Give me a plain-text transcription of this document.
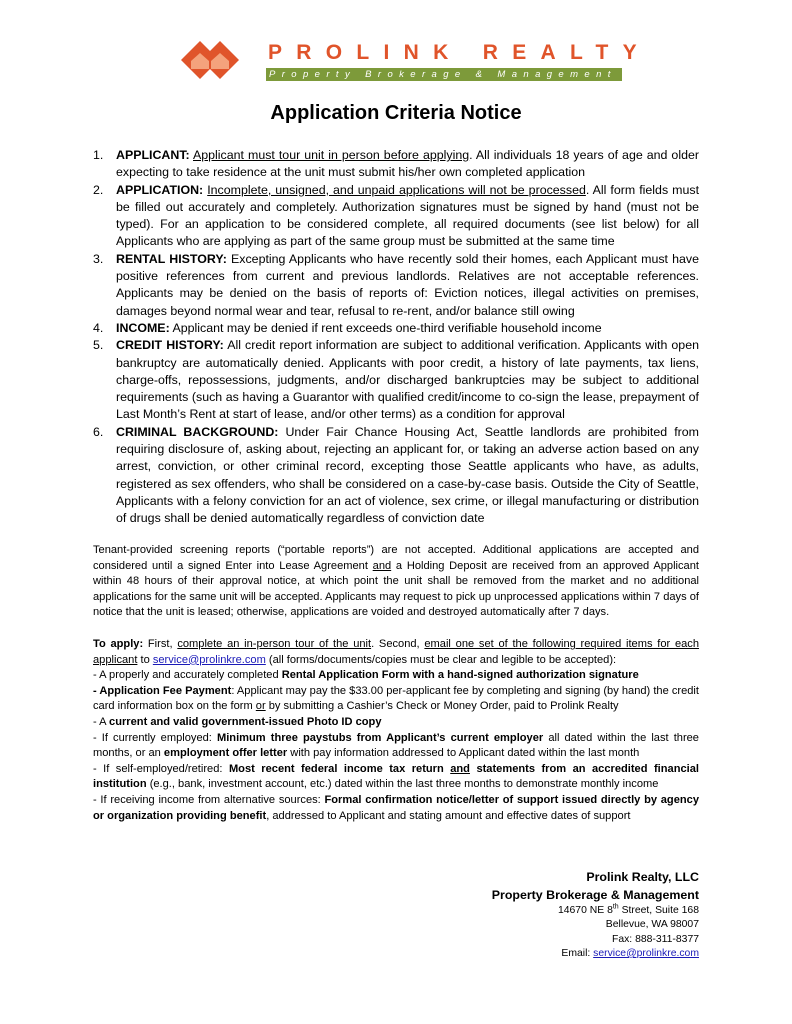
PROLINK REALTY
Property Brokerage & Management
Application Criteria Notice
1. APPLICANT: Applicant must tour unit in person before applying. All individuals 18 years of age and older expecting to take residence at the unit must submit his/her own completed application
2. APPLICATION: Incomplete, unsigned, and unpaid applications will not be processed. All form fields must be filled out accurately and completely. Authorization signatures must be signed by hand (must not be typed). For an application to be considered complete, all required documents (see list below) for all Applicants who are applying as part of the same group must be submitted at the same time
3. RENTAL HISTORY: Excepting Applicants who have recently sold their homes, each Applicant must have positive references from current and previous landlords. Relatives are not acceptable references. Applicants may be denied on the basis of reports of: Eviction notices, illegal activities on premises, damages beyond normal wear and tear, refusal to re-rent, and/or balance still owing
4. INCOME: Applicant may be denied if rent exceeds one-third verifiable household income
5. CREDIT HISTORY: All credit report information are subject to additional verification. Applicants with open bankruptcy are automatically denied. Applicants with poor credit, a history of late payments, tax liens, charge-offs, repossessions, judgments, and/or discharged bankruptcies may be subject to additional requirements (such as having a Guarantor with qualified credit/income to co-sign the lease, prepayment of Last Month’s Rent at start of lease, and/or other terms) as a condition for approval
6. CRIMINAL BACKGROUND: Under Fair Chance Housing Act, Seattle landlords are prohibited from requiring disclosure of, asking about, rejecting an applicant for, or taking an adverse action based on any arrest, conviction, or other criminal record, excepting those Seattle applicants who have, as adults, registered as sex offenders, who shall be considered on a case-by-case basis. Outside the City of Seattle, Applicants with a felony conviction for an act of violence, sex crime, or illegal manufacturing or distribution of drugs shall be denied automatically regardless of conviction date

Tenant-provided screening reports (“portable reports”) are not accepted. Additional applications are accepted and considered until a signed Enter into Lease Agreement and a Holding Deposit are received from an approved Applicant within 48 hours of their approval notice, at which point the unit shall be removed from the market and no additional applications for the same unit will be accepted. Applicants may request to pick up unprocessed applications within 7 days of notice that the unit is leased; otherwise, applications are voided and destroyed automatically after 7 days.

To apply: First, complete an in-person tour of the unit. Second, email one set of the following required items for each applicant to service@prolinkre.com (all forms/documents/copies must be clear and legible to be accepted):
- A properly and accurately completed Rental Application Form with a hand-signed authorization signature
- Application Fee Payment: Applicant may pay the $33.00 per-applicant fee by completing and signing (by hand) the credit card information box on the form or by submitting a Cashier’s Check or Money Order, paid to Prolink Realty
- A current and valid government-issued Photo ID copy
- If currently employed: Minimum three paystubs from Applicant’s current employer all dated within the last three months, or an employment offer letter with pay information addressed to Applicant dated within the last month
- If self-employed/retired: Most recent federal income tax return and statements from an accredited financial institution (e.g., bank, investment account, etc.) dated within the last three months to demonstrate monthly income
- If receiving income from alternative sources: Formal confirmation notice/letter of support issued directly by agency or organization providing benefit, addressed to Applicant and stating amount and effective dates of support
Prolink Realty, LLC
Property Brokerage & Management
14670 NE 8th Street, Suite 168
Bellevue, WA 98007
Fax: 888-311-8377
Email: service@prolinkre.com
